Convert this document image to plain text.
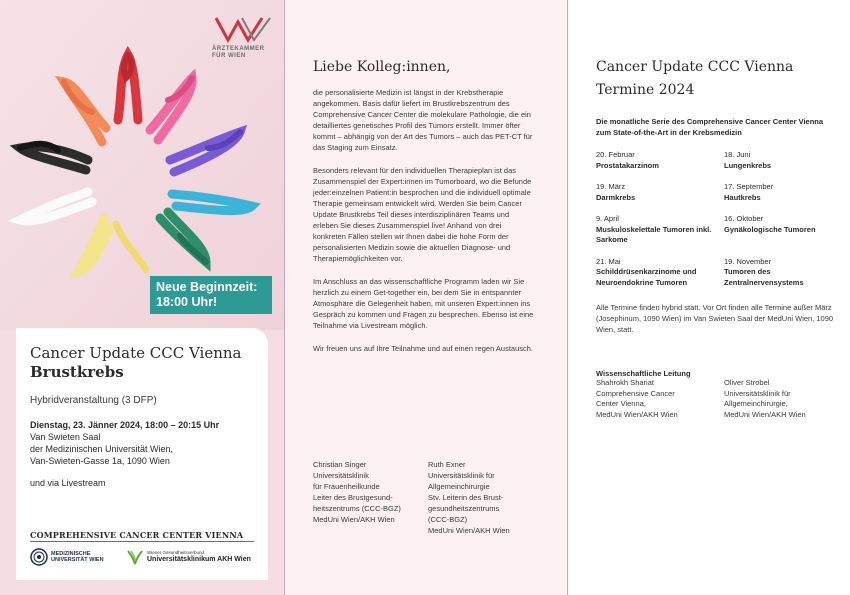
ÄRZTEKAMMER
FÜR WIEN
Neue Beginnzeit:
18:00 Uhr!
Cancer Update CCC Vienna
Brustkrebs
Hybridveranstaltung (3 DFP)
Dienstag, 23. Jänner 2024, 18:00 – 20:15 Uhr
Van Swieten Saal
der Medizinischen Universität Wien,
Van-Swieten-Gasse 1a, 1090 Wien
und via Livestream
COMPREHENSIVE CANCER CENTER VIENNA
MEDIZINISCHE
UNIVERSITÄT WIEN
Wiener Gesundheitsverbund
Universitätsklinikum AKH Wien
Liebe Kolleg:innen,

die personalisierte Medizin ist längst in der Krebstherapie angekommen. Basis dafür liefert im Brustkrebszentrum des Comprehensive Cancer Center die molekulare Pathologie, die ein detailliertes genetisches Profil des Tumors erstellt. Immer öfter kommt – abhängig von der Art des Tumors – auch das PET-CT für das Staging zum Einsatz.

Besonders relevant für den individuellen Therapieplan ist das Zusammenspiel der Expert:innen im Tumorboard, wo die Befunde jeder:einzelnen Patient:in besprochen und die individuell optimale Therapie gemeinsam entwickelt wird. Werden Sie beim Cancer Update Brustkrebs Teil dieses interdisziplinären Teams und erleben Sie dieses Zusammenspiel live! Anhand von drei konkreten Fällen stellen wir Ihnen dabei die hohe Form der personalisierten Medizin sowie die aktuellen Diagnose- und Therapiemöglichkeiten vor.

Im Anschluss an das wissenschaftliche Programm laden wir Sie herzlich zu einem Get-together ein, bei dem Sie in entspannter Atmosphäre die Gelegenheit haben, mit unseren Expert:innen ins Gespräch zu kommen und Fragen zu besprechen. Ebenso ist eine Teilnahme via Livestream möglich.

Wir freuen uns auf Ihre Teilnahme und auf einen regen Austausch.

Christian Singer
Universitätsklinik
für Frauenheilkunde
Leiter des Brustgesund-
heitszentrums (CCC-BGZ)
MedUni Wien/AKH Wien
Ruth Exner
Universitätsklinik für
Allgemeinchirurgie
Stv. Leiterin des Brust-
gesundheitszentrums
(CCC-BGZ)
MedUni Wien/AKH Wien
Cancer Update CCC Vienna
Termine 2024
Die monatliche Serie des Comprehensive Cancer Center Vienna zum State-of-the-Art in der Krebsmedizin
20. Februar
Prostatakarzinom
18. Juni
Lungenkrebs
19. März
Darmkrebs
17. September
Hautkrebs
9. April
Muskuloskelettale Tumoren inkl. Sarkome
16. Oktober
Gynäkologische Tumoren
21. Mai
Schilddrüsenkarzinome und Neuroendokrine Tumoren
19. November
Tumoren des Zentralnervensystems
Alle Termine finden hybrid statt. Vor Ort finden alle Termine außer März (Josephinum, 1090 Wien) im Van Swieten Saal der MedUni Wien, 1090 Wien, statt.
Wissenschaftliche Leitung
Shahrokh Shariat
Comprehensive Cancer
Center Vienna,
MedUni Wien/AKH Wien
Oliver Strobel
Universitätsklinik für
Allgemeinchirurgie,
MedUni Wien/AKH Wien
